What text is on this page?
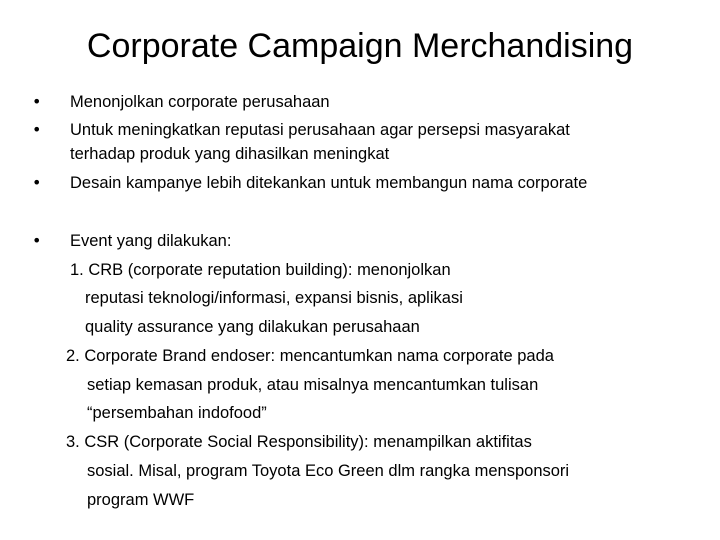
Corporate Campaign Merchandising
• Menonjolkan corporate perusahaan
• Untuk meningkatkan reputasi perusahaan agar persepsi masyarakat
terhadap produk yang dihasilkan meningkat
• Desain kampanye lebih ditekankan untuk membangun nama corporate
• Event yang dilakukan:
1. CRB (corporate reputation building): menonjolkan
reputasi teknologi/informasi, expansi bisnis, aplikasi
quality assurance yang dilakukan perusahaan
2. Corporate Brand endoser: mencantumkan nama corporate pada
setiap kemasan produk, atau misalnya mencantumkan tulisan
“persembahan indofood”
3. CSR (Corporate Social Responsibility): menampilkan aktifitas
sosial. Misal, program Toyota Eco Green dlm rangka mensponsori
program WWF
